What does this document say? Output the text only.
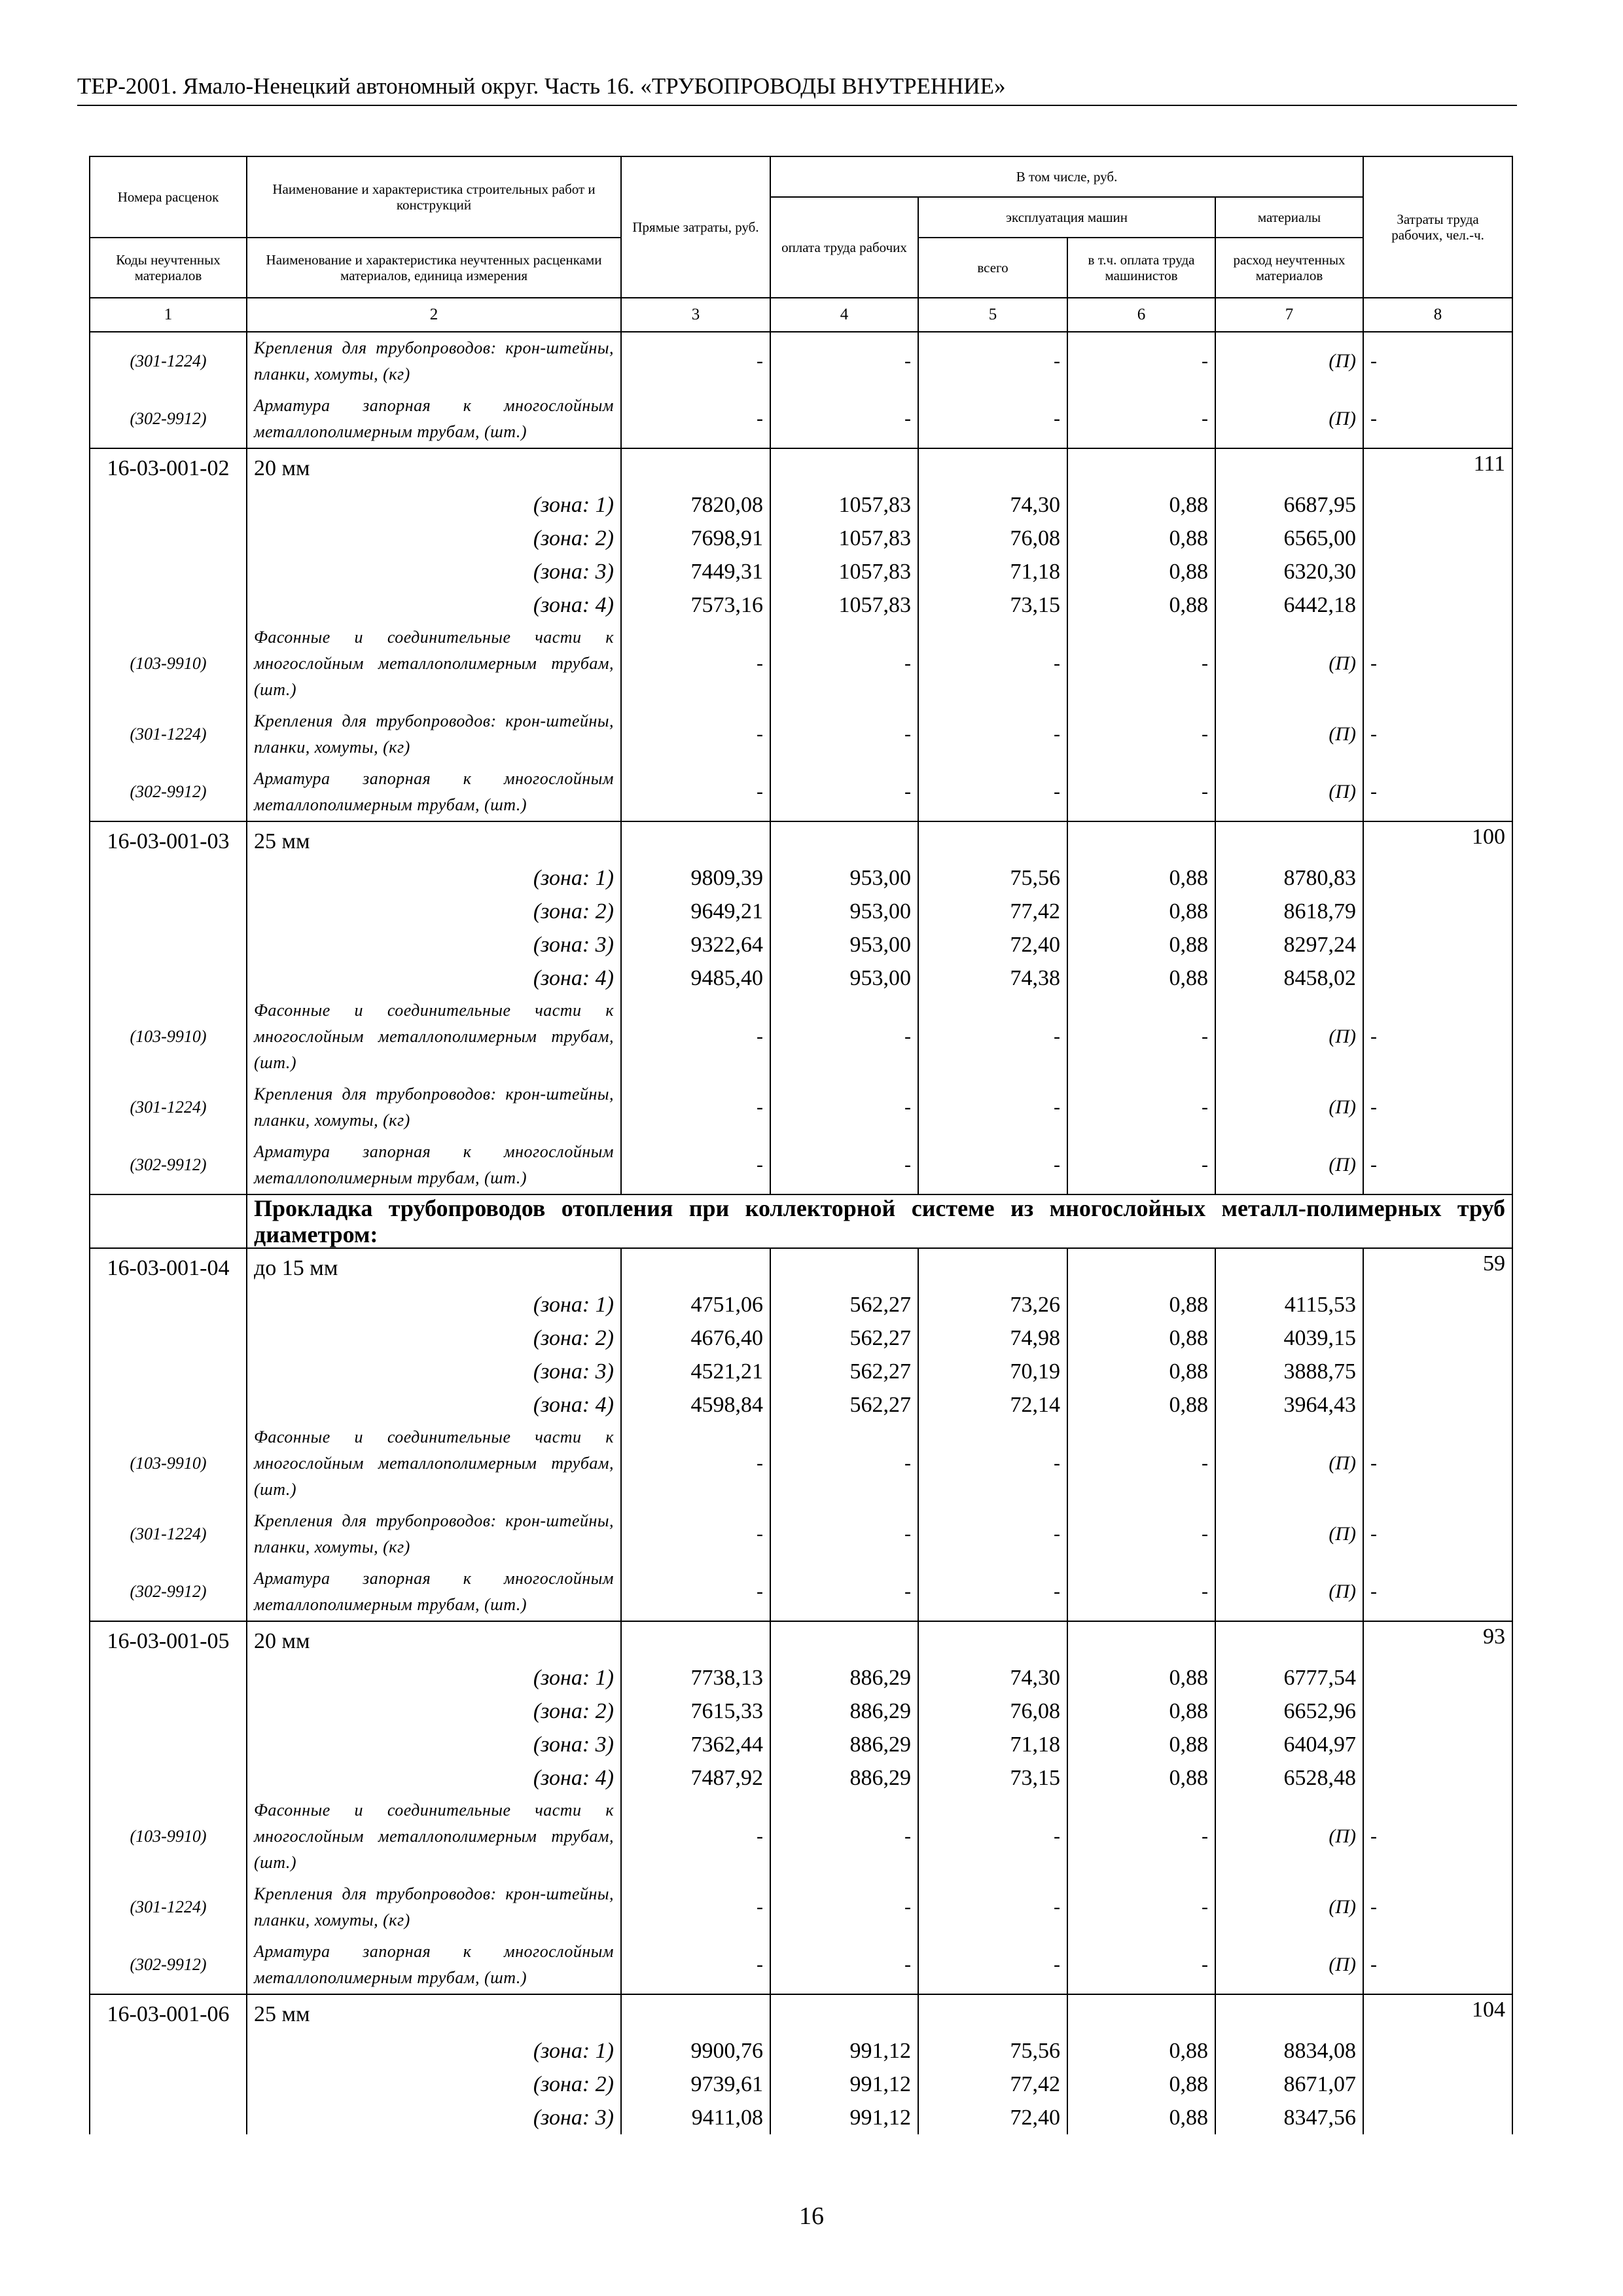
ТЕР-2001. Ямало-Ненецкий автономный округ. Часть 16. «ТРУБОПРОВОДЫ ВНУТРЕННИЕ»
Номера расценок	Наименование и характеристика строительных работ и конструкций	Прямые затраты, руб.	В том числе, руб.				Затраты труда рабочих, чел.-ч.
			оплата труда рабочих	эксплуатация машин		материалы	
Коды неучтенных материалов	Наименование и характеристика неучтенных расценками материалов, единица измерения			всего	в т.ч. оплата труда машинистов	расход неучтенных материалов	
1	2	3	4	5	6	7	8
(301-1224)	Крепления для трубопроводов: крон-штейны, планки, хомуты, (кг)	-	-	-	-	(П)	-
(302-9912)	Арматура запорная к многослойным металлополимерным трубам, (шт.)	-	-	-	-	(П)	-
16-03-001-02	20 мм						111
	(зона: 1)	7820,08	1057,83	74,30	0,88	6687,95	
	(зона: 2)	7698,91	1057,83	76,08	0,88	6565,00	
	(зона: 3)	7449,31	1057,83	71,18	0,88	6320,30	
	(зона: 4)	7573,16	1057,83	73,15	0,88	6442,18	
(103-9910)	Фасонные и соединительные части к многослойным металлополимерным трубам, (шт.)	-	-	-	-	(П)	-
(301-1224)	Крепления для трубопроводов: крон-штейны, планки, хомуты, (кг)	-	-	-	-	(П)	-
(302-9912)	Арматура запорная к многослойным металлополимерным трубам, (шт.)	-	-	-	-	(П)	-
16-03-001-03	25 мм						100
	(зона: 1)	9809,39	953,00	75,56	0,88	8780,83	
	(зона: 2)	9649,21	953,00	77,42	0,88	8618,79	
	(зона: 3)	9322,64	953,00	72,40	0,88	8297,24	
	(зона: 4)	9485,40	953,00	74,38	0,88	8458,02	
(103-9910)	Фасонные и соединительные части к многослойным металлополимерным трубам, (шт.)	-	-	-	-	(П)	-
(301-1224)	Крепления для трубопроводов: крон-штейны, планки, хомуты, (кг)	-	-	-	-	(П)	-
(302-9912)	Арматура запорная к многослойным металлополимерным трубам, (шт.)	-	-	-	-	(П)	-
	Прокладка трубопроводов отопления при коллекторной системе из многослойных металл-полимерных труб диаметром:						
16-03-001-04	до 15 мм						59
	(зона: 1)	4751,06	562,27	73,26	0,88	4115,53	
	(зона: 2)	4676,40	562,27	74,98	0,88	4039,15	
	(зона: 3)	4521,21	562,27	70,19	0,88	3888,75	
	(зона: 4)	4598,84	562,27	72,14	0,88	3964,43	
(103-9910)	Фасонные и соединительные части к многослойным металлополимерным трубам, (шт.)	-	-	-	-	(П)	-
(301-1224)	Крепления для трубопроводов: крон-штейны, планки, хомуты, (кг)	-	-	-	-	(П)	-
(302-9912)	Арматура запорная к многослойным металлополимерным трубам, (шт.)	-	-	-	-	(П)	-
16-03-001-05	20 мм						93
	(зона: 1)	7738,13	886,29	74,30	0,88	6777,54	
	(зона: 2)	7615,33	886,29	76,08	0,88	6652,96	
	(зона: 3)	7362,44	886,29	71,18	0,88	6404,97	
	(зона: 4)	7487,92	886,29	73,15	0,88	6528,48	
(103-9910)	Фасонные и соединительные части к многослойным металлополимерным трубам, (шт.)	-	-	-	-	(П)	-
(301-1224)	Крепления для трубопроводов: крон-штейны, планки, хомуты, (кг)	-	-	-	-	(П)	-
(302-9912)	Арматура запорная к многослойным металлополимерным трубам, (шт.)	-	-	-	-	(П)	-
16-03-001-06	25 мм						104
	(зона: 1)	9900,76	991,12	75,56	0,88	8834,08	
	(зона: 2)	9739,61	991,12	77,42	0,88	8671,07	
	(зона: 3)	9411,08	991,12	72,40	0,88	8347,56	
16
